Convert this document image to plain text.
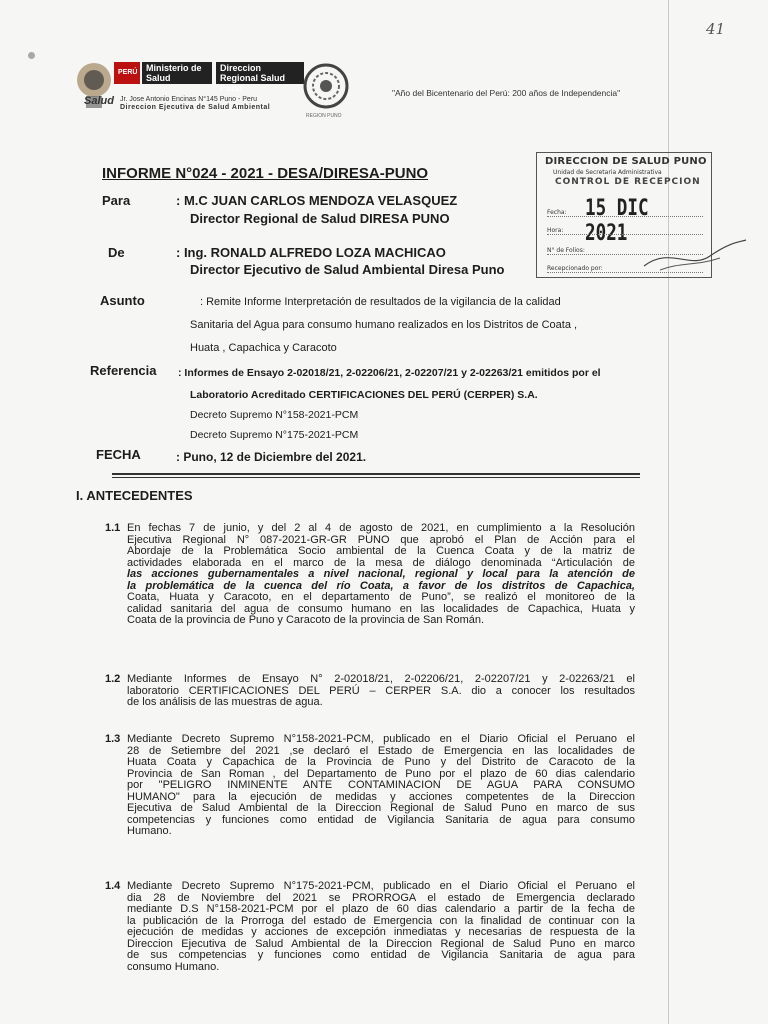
41
PERÚ Ministerio de Salud
Direccion Regional Salud Puno
Salud Jr. Jose Antonio Encinas N°145 Puno - Peru
Direccion Ejecutiva de Salud Ambiental
REGION PUNO
"Año del Bicentenario del Perú: 200 años de Independencia"
DIRECCION DE SALUD PUNO
Unidad de Secretaria Administrativa
CONTROL DE RECEPCION
Fecha: 15 DIC 2021
Hora:
N° de Folios:
Recepcionado por:
INFORME N°024 - 2021 - DESA/DIRESA-PUNO
Para	: M.C JUAN CARLOS MENDOZA VELASQUEZ
Director Regional de Salud DIRESA PUNO
De	: Ing. RONALD ALFREDO LOZA MACHICAO
Director Ejecutivo de Salud Ambiental Diresa Puno
Asunto	: Remite Informe Interpretación de resultados de la vigilancia de la calidad
Sanitaria del Agua para consumo humano realizados en los Distritos de Coata ,
Huata , Capachica y Caracoto
Referencia : Informes de Ensayo 2-02018/21, 2-02206/21, 2-02207/21 y 2-02263/21 emitidos por el
Laboratorio Acreditado CERTIFICACIONES DEL PERÚ (CERPER) S.A.
Decreto Supremo N°158-2021-PCM
Decreto Supremo N°175-2021-PCM
FECHA	: Puno, 12 de Diciembre del 2021.
I. ANTECEDENTES
1.1 En fechas 7 de junio, y del 2 al 4 de agosto de 2021, en cumplimiento a la Resolución
Ejecutiva Regional N° 087-2021-GR-GR PUNO que aprobó el Plan de Acción para el
Abordaje de la Problemática Socio ambiental de la Cuenca Coata y de la matriz de
actividades elaborada en el marco de la mesa de diálogo denominada “Articulación de
las acciones gubernamentales a nivel nacional, regional y local para la atención de
la problemática de la cuenca del río Coata, a favor de los distritos de Capachica,
Coata, Huata y Caracoto, en el departamento de Puno”, se realizó el monitoreo de la
calidad sanitaria del agua de consumo humano en las localidades de Capachica, Huata y
Coata de la provincia de Puno y Caracoto de la provincia de San Román.
1.2 Mediante Informes de Ensayo N° 2-02018/21, 2-02206/21, 2-02207/21 y 2-02263/21 el
laboratorio CERTIFICACIONES DEL PERÚ – CERPER S.A. dio a conocer los resultados
de los análisis de las muestras de agua.
1.3 Mediante Decreto Supremo N°158-2021-PCM, publicado en el Diario Oficial el Peruano el
28 de Setiembre del 2021 ,se declaró el Estado de Emergencia en las localidades de
Huata Coata y Capachica de la Provincia de Puno y del Distrito de Caracoto de la
Provincia de San Roman , del Departamento de Puno por el plazo de 60 dias calendario
por "PELIGRO INMINENTE ANTE CONTAMINACION DE AGUA PARA CONSUMO
HUMANO" para la ejecución de medidas y acciones competentes de la Direccion
Ejecutiva de Salud Ambiental de la Direccion Regional de Salud Puno en marco de sus
competencias y funciones como entidad de Vigilancia Sanitaria de agua para consumo
Humano.
1.4 Mediante Decreto Supremo N°175-2021-PCM, publicado en el Diario Oficial el Peruano el
dia 28 de Noviembre del 2021 se PRORROGA el estado de Emergencia declarado
mediante D.S N°158-2021-PCM por el plazo de 60 dias calendario a partir de la fecha de
la publicación de la Prorroga del estado de Emergencia con la finalidad de continuar con la
ejecución de medidas y acciones de excepción inmediatas y necesarias de respuesta de la
Direccion Ejecutiva de Salud Ambiental de la Direccion Regional de Salud Puno en marco
de sus competencias y funciones como entidad de Vigilancia Sanitaria de agua para
consumo Humano.
